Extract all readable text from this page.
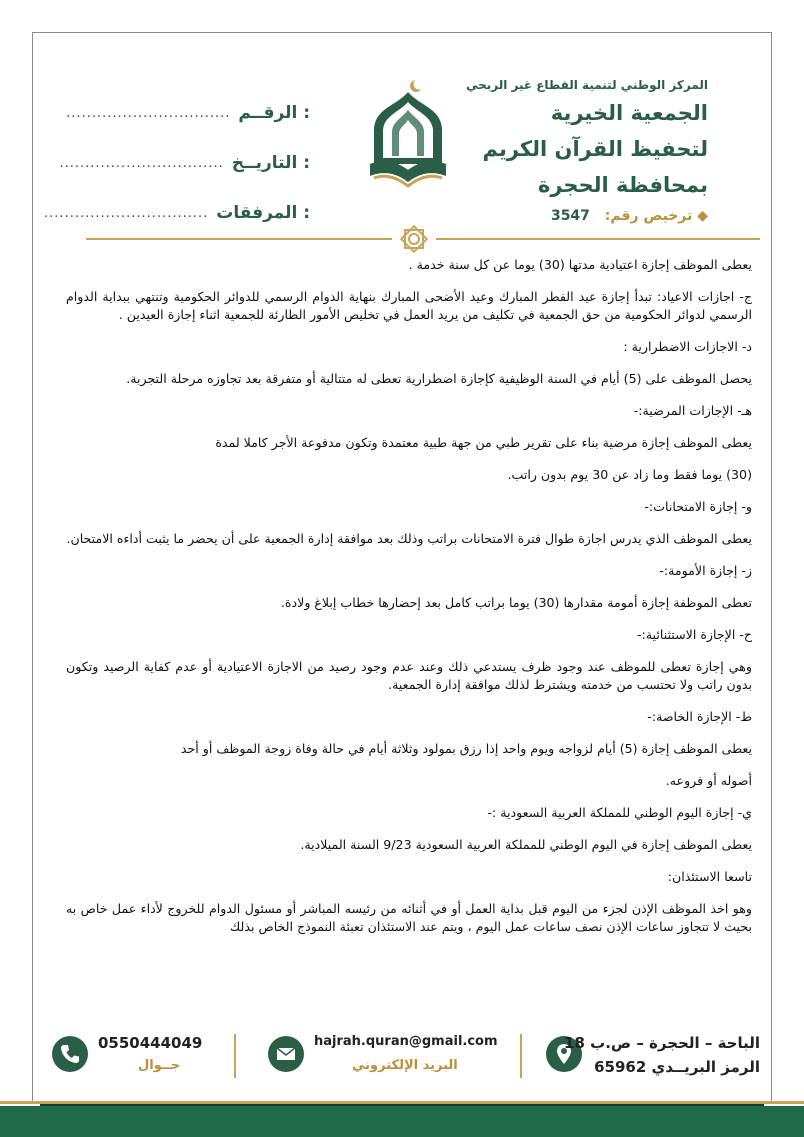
الرقــم :
................................
التاريــخ :
................................
المرفقات :
................................
المركز الوطني لتنمية القطاع غير الربحي
الجمعية الخيرية
لتحفيظ القرآن الكريم
بمحافظة الحجرة
◆ ترخيص رقم: 3547

يعطى الموظف إجازة اعتيادية مدتها (30) يوما عن كل سنة خدمة .

ج- اجازات الاعياد: تبدأ إجازة عيد الفطر المبارك وعيد الأضحى المبارك بنهاية الدوام الرسمي للدوائر الحكومية وتنتهي ببداية الدوام الرسمي لدوائر الحكومية من حق الجمعية في تكليف من يريد العمل في تخليص الأمور الطارئة للجمعية اثناء إجازة العيدين .

د- الاجازات الاضطرارية :

يحصل الموظف على (5) أيام في السنة الوظيفية كإجازة اضطرارية تعطى له متتالية أو متفرقة بعد تجاوزه مرحلة التجربة.

هـ- الإجازات المرضية:-

يعطى الموظف إجازة مرضية بناء على تقرير طبي من جهة طبية معتمدة وتكون مدفوعة الأجر كاملا لمدة

(30) يوما فقط وما زاد عن 30 يوم بدون راتب.

و- إجازة الامتحانات:-

يعطى الموظف الذي يدرس اجازة طوال فترة الامتحانات براتب وذلك بعد موافقة إدارة الجمعية على أن يحضر ما يثبت أداءه الامتحان.

ز- إجازة الأمومة:-

تعطى الموظفة إجازة أمومة مقدارها (30) يوما براتب كامل بعد إحضارها خطاب إبلاغ ولادة.

ح- الإجازة الاستثنائية:-

وهي إجازة تعطى للموظف عند وجود ظرف يستدعي ذلك وعند عدم وجود رصيد من الاجازة الاعتيادية أو عدم كفاية الرصيد وتكون بدون راتب ولا تحتسب من خدمته ويشترط لذلك موافقة إدارة الجمعية.

ط- الإجازة الخاصة:-

يعطى الموظف إجازة (5) أيام لزواجه ويوم واحد إذا رزق بمولود وثلاثة أيام في حالة وفاة زوجة الموظف أو أحد

أصوله أو فروعه.

ي- إجازة اليوم الوطني للمملكة العربية السعودية :-

يعطى الموظف إجازة في اليوم الوطني للمملكة العربية السعودية 9/23 السنة الميلادية.

تاسعا الاستئذان:

وهو اخذ الموظف الإذن لجزء من اليوم قبل بداية العمل أو في أثنائه من رئيسه المباشر أو مسئول الدوام للخروج لأداء عمل خاص به بحيث لا تتجاوز ساعات الإذن نصف ساعات عمل اليوم ، ويتم عند الاستئذان تعبئة النموذج الخاص بذلك

0550444049
جــوال
hajrah.quran@gmail.com
البريد الإلكتروني
الباحة – الحجرة – ص.ب 18
الرمز البريــدي 65962
